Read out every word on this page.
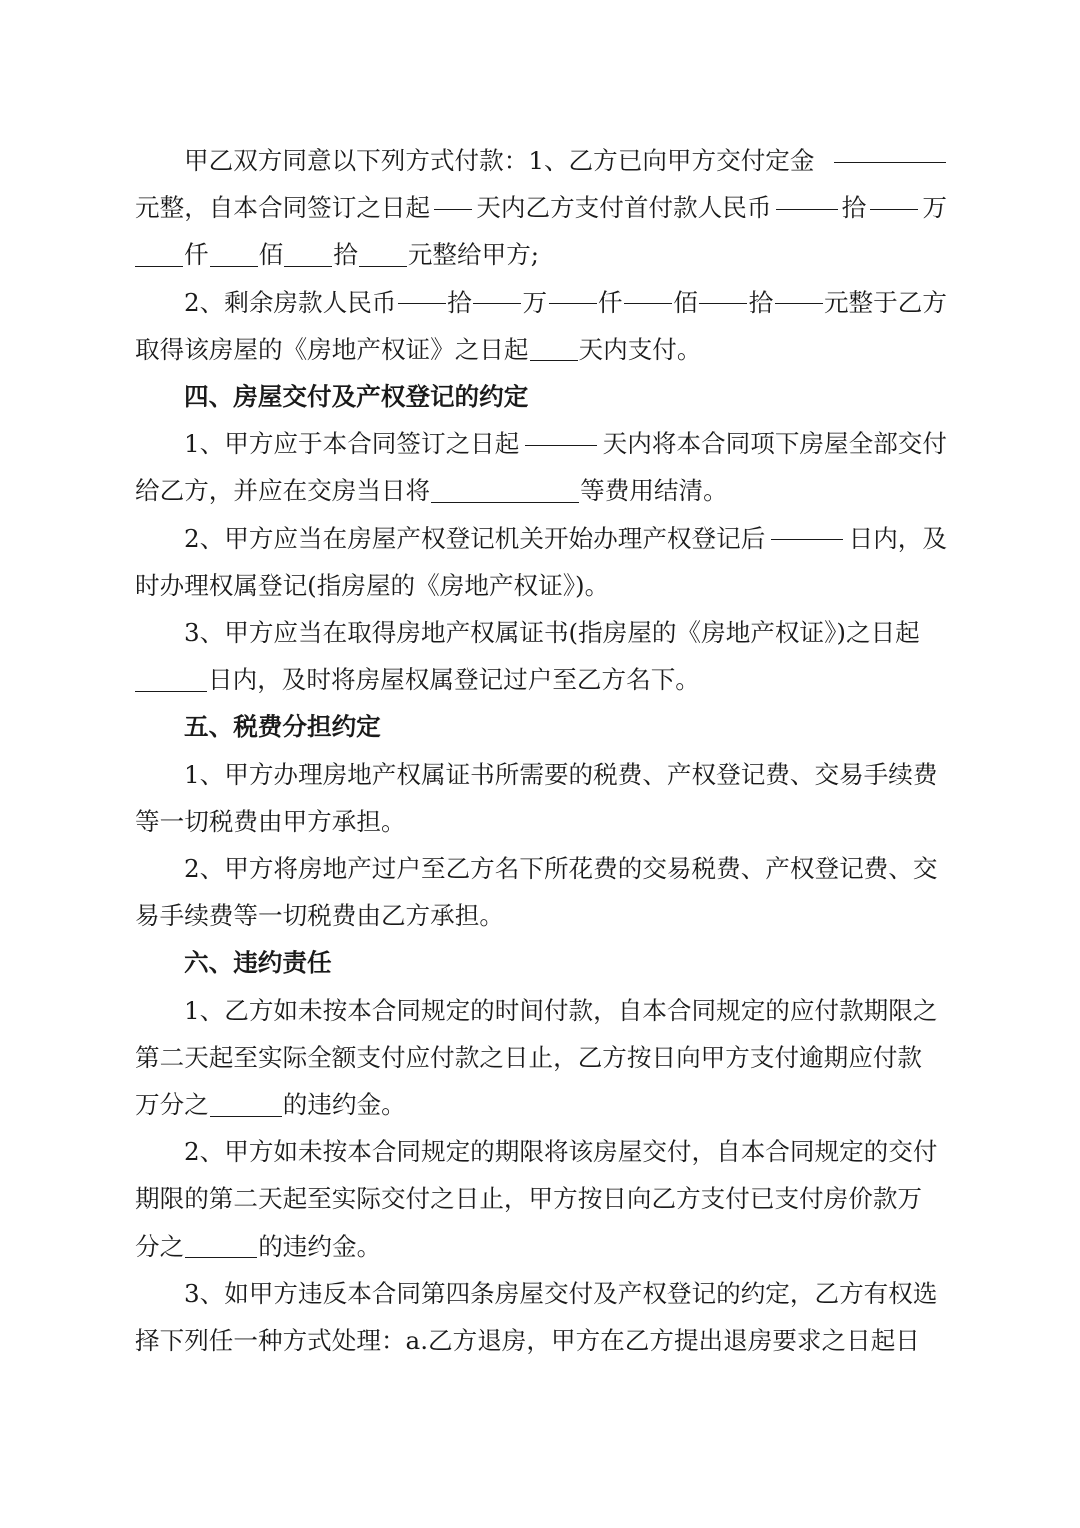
甲乙双方同意以下列方式付款：1、乙方已向甲方交付定金
元整，自本合同签订之日起 天内乙方支付首付款人民币	拾 万
仟 佰 拾 元整给甲方;
2、剩余房款人民币 拾 万 仟 佰 拾 元整于乙方
取得该房屋的《房地产权证》之日起 天内支付。
四、房屋交付及产权登记的约定
1、甲方应于本合同签订之日起	天内将本合同项下房屋全部交付
给乙方，并应在交房当日将	等费用结清。
2、甲方应当在房屋产权登记机关开始办理产权登记后	日内，及
时办理权属登记(指房屋的《房地产权证》)。
3、甲方应当在取得房地产权属证书(指房屋的《房地产权证》)之日起
日内，及时将房屋权属登记过户至乙方名下。
五、税费分担约定
1、甲方办理房地产权属证书所需要的税费、产权登记费、交易手续费
等一切税费由甲方承担。
2、甲方将房地产过户至乙方名下所花费的交易税费、产权登记费、交
易手续费等一切税费由乙方承担。
六、违约责任
1、乙方如未按本合同规定的时间付款，自本合同规定的应付款期限之
第二天起至实际全额支付应付款之日止，乙方按日向甲方支付逾期应付款
万分之	的违约金。
2、甲方如未按本合同规定的期限将该房屋交付，自本合同规定的交付
期限的第二天起至实际交付之日止，甲方按日向乙方支付已支付房价款万
分之	的违约金。
3、如甲方违反本合同第四条房屋交付及产权登记的约定，乙方有权选
择下列任一种方式处理：a.乙方退房，甲方在乙方提出退房要求之日起日
